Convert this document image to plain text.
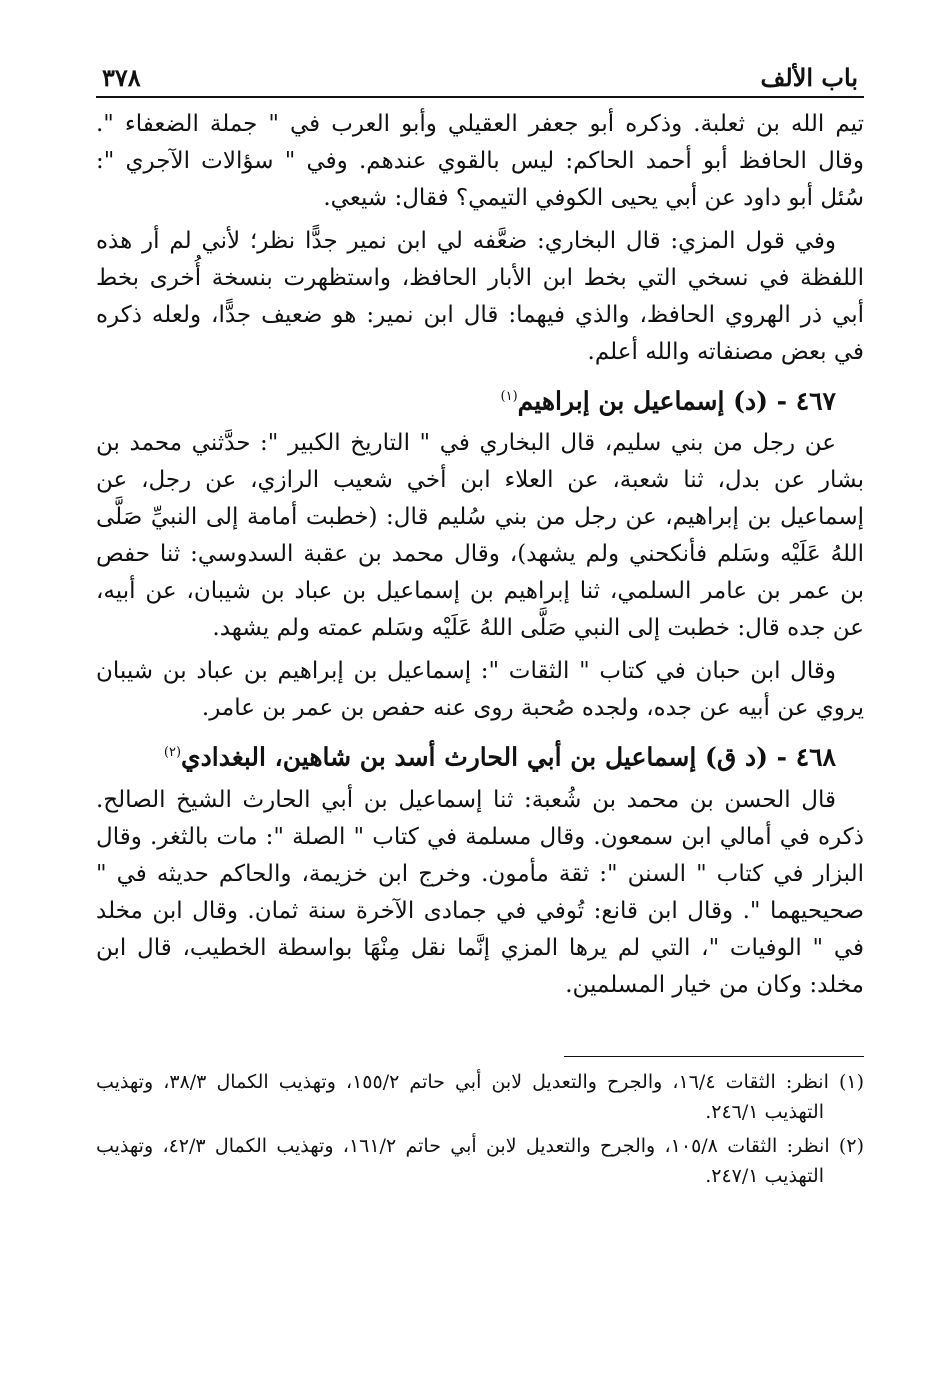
باب الألف
٣٧٨

تيم الله بن ثعلبة. وذكره أبو جعفر العقيلي وأبو العرب في " جملة الضعفاء ". وقال الحافظ أبو أحمد الحاكم: ليس بالقوي عندهم. وفي " سؤالات الآجري ": سُئل أبو داود عن أبي يحيى الكوفي التيمي؟ فقال: شيعي.

وفي قول المزي: قال البخاري: ضعَّفه لي ابن نمير جدًّا نظر؛ لأني لم أر هذه اللفظة في نسخي التي بخط ابن الأبار الحافظ، واستظهرت بنسخة أُخرى بخط أبي ذر الهروي الحافظ، والذي فيهما: قال ابن نمير: هو ضعيف جدًّا، ولعله ذكره في بعض مصنفاته والله أعلم.

٤٦٧ - (د) إسماعيل بن إبراهيم$^{(١)}$

عن رجل من بني سليم، قال البخاري في " التاريخ الكبير ": حدَّثني محمد بن بشار عن بدل، ثنا شعبة، عن العلاء ابن أخي شعيب الرازي، عن رجل، عن إسماعيل بن إبراهيم، عن رجل من بني سُليم قال: (خطبت أمامة إلى النبيِّ صَلَّى اللهُ عَلَيْه وسَلم فأنكحني ولم يشهد)، وقال محمد بن عقبة السدوسي: ثنا حفص بن عمر بن عامر السلمي، ثنا إبراهيم بن إسماعيل بن عباد بن شيبان، عن أبيه، عن جده قال: خطبت إلى النبي صَلَّى اللهُ عَلَيْه وسَلم عمته ولم يشهد.

وقال ابن حبان في كتاب " الثقات ": إسماعيل بن إبراهيم بن عباد بن شيبان يروي عن أبيه عن جده، ولجده صُحبة روى عنه حفص بن عمر بن عامر.

٤٦٨ - (د ق) إسماعيل بن أبي الحارث أسد بن شاهين، البغدادي$^{(٢)}$

قال الحسن بن محمد بن شُعبة: ثنا إسماعيل بن أبي الحارث الشيخ الصالح. ذكره في أمالي ابن سمعون. وقال مسلمة في كتاب " الصلة ": مات بالثغر. وقال البزار في كتاب " السنن ": ثقة مأمون. وخرج ابن خزيمة، والحاكم حديثه في " صحيحيهما ". وقال ابن قانع: تُوفي في جمادى الآخرة سنة ثمان. وقال ابن مخلد في " الوفيات "، التي لم يرها المزي إنَّما نقل مِنْهَا بواسطة الخطيب، قال ابن مخلد: وكان من خيار المسلمين.

(١) انظر: الثقات ١٦/٤، والجرح والتعديل لابن أبي حاتم ١٥٥/٢، وتهذيب الكمال ٣٨/٣، وتهذيب التهذيب ٢٤٦/١.

(٢) انظر: الثقات ١٠٥/٨، والجرح والتعديل لابن أبي حاتم ١٦١/٢، وتهذيب الكمال ٤٢/٣، وتهذيب التهذيب ٢٤٧/١.
